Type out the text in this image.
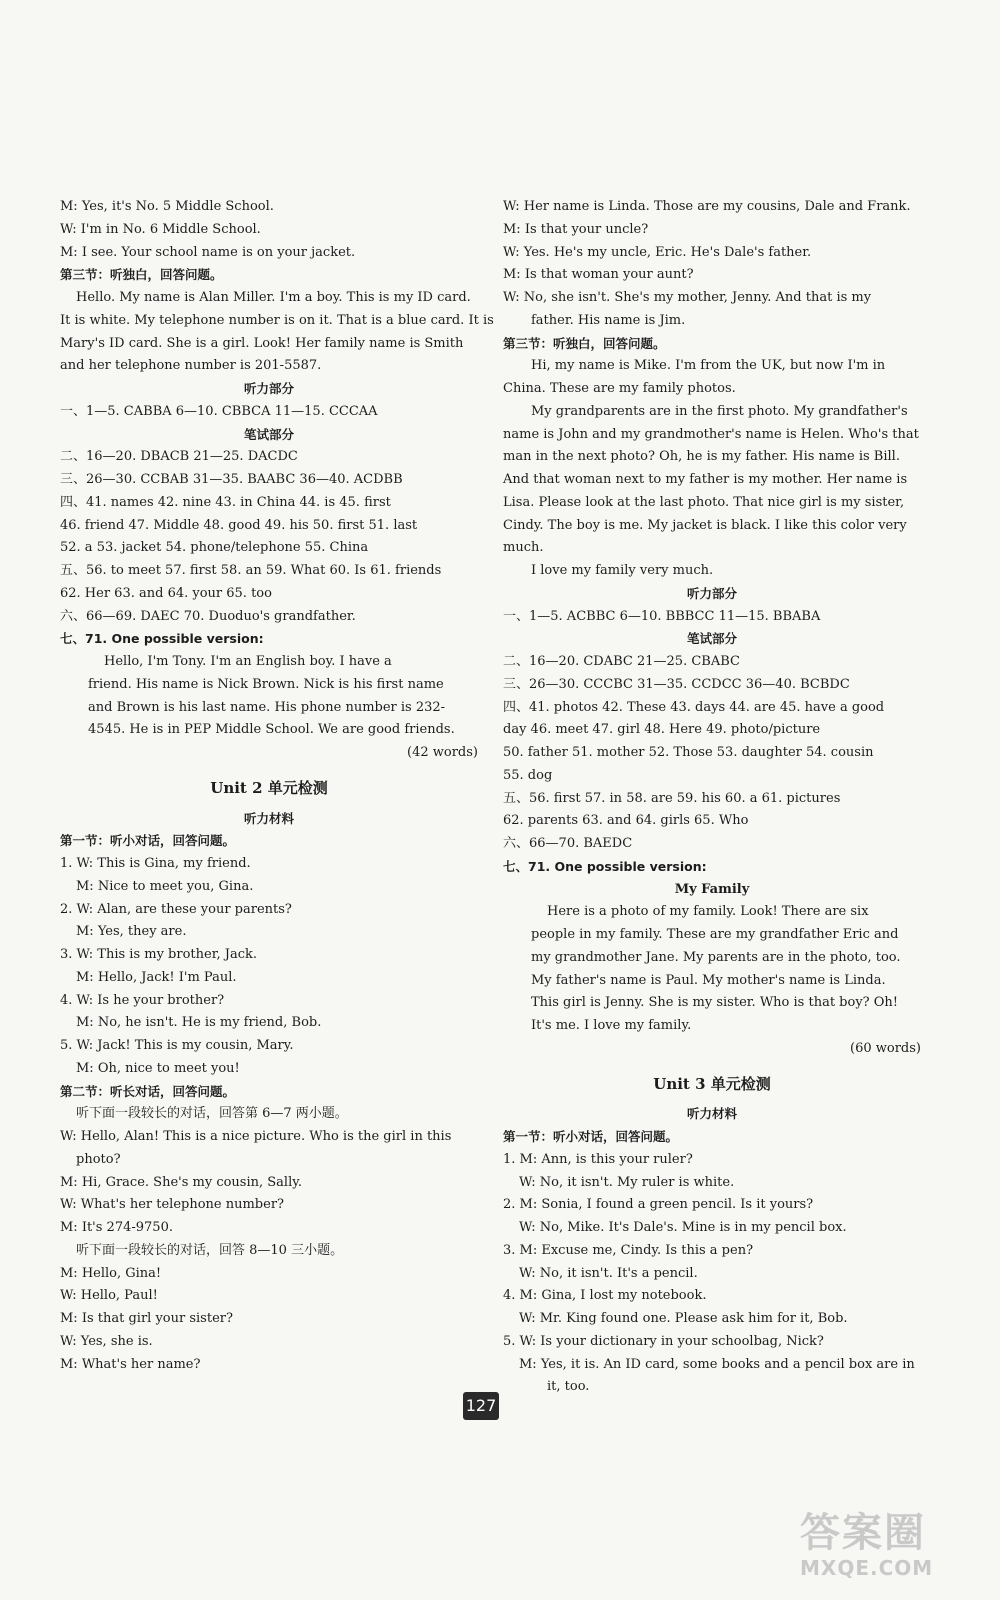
M: Yes, it's No. 5 Middle School.
W: I'm in No. 6 Middle School.
M: I see. Your school name is on your jacket.
第三节：听独白，回答问题。
Hello. My name is Alan Miller. I'm a boy. This is my ID card.
It is white. My telephone number is on it. That is a blue card. It is
Mary's ID card. She is a girl. Look! Her family name is Smith
and her telephone number is 201-5587.
听力部分
一、1—5. CABBA 6—10. CBBCA 11—15. CCCAA
笔试部分
二、16—20. DBACB 21—25. DACDC
三、26—30. CCBAB 31—35. BAABC 36—40. ACDBB
四、41. names 42. nine 43. in China 44. is 45. first
46. friend 47. Middle 48. good 49. his 50. first 51. last
52. a 53. jacket 54. phone/telephone 55. China
五、56. to meet 57. first 58. an 59. What 60. Is 61. friends
62. Her 63. and 64. your 65. too
六、66—69. DAEC 70. Duoduo's grandfather.
七、71. One possible version:
Hello, I'm Tony. I'm an English boy. I have a
friend. His name is Nick Brown. Nick is his first name
and Brown is his last name. His phone number is 232-
4545. He is in PEP Middle School. We are good friends.
(42 words)
Unit 2 单元检测
听力材料
第一节：听小对话，回答问题。
1. W: This is Gina, my friend.
M: Nice to meet you, Gina.
2. W: Alan, are these your parents?
M: Yes, they are.
3. W: This is my brother, Jack.
M: Hello, Jack! I'm Paul.
4. W: Is he your brother?
M: No, he isn't. He is my friend, Bob.
5. W: Jack! This is my cousin, Mary.
M: Oh, nice to meet you!
第二节：听长对话，回答问题。
听下面一段较长的对话，回答第 6—7 两小题。
W: Hello, Alan! This is a nice picture. Who is the girl in this
photo?
M: Hi, Grace. She's my cousin, Sally.
W: What's her telephone number?
M: It's 274-9750.
听下面一段较长的对话，回答 8—10 三小题。
M: Hello, Gina!
W: Hello, Paul!
M: Is that girl your sister?
W: Yes, she is.
M: What's her name?
W: Her name is Linda. Those are my cousins, Dale and Frank.
M: Is that your uncle?
W: Yes. He's my uncle, Eric. He's Dale's father.
M: Is that woman your aunt?
W: No, she isn't. She's my mother, Jenny. And that is my
father. His name is Jim.
第三节：听独白，回答问题。
Hi, my name is Mike. I'm from the UK, but now I'm in
China. These are my family photos.
My grandparents are in the first photo. My grandfather's
name is John and my grandmother's name is Helen. Who's that
man in the next photo? Oh, he is my father. His name is Bill.
And that woman next to my father is my mother. Her name is
Lisa. Please look at the last photo. That nice girl is my sister,
Cindy. The boy is me. My jacket is black. I like this color very
much.
I love my family very much.
听力部分
一、1—5. ACBBC 6—10. BBBCC 11—15. BBABA
笔试部分
二、16—20. CDABC 21—25. CBABC
三、26—30. CCCBC 31—35. CCDCC 36—40. BCBDC
四、41. photos 42. These 43. days 44. are 45. have a good
day 46. meet 47. girl 48. Here 49. photo/picture
50. father 51. mother 52. Those 53. daughter 54. cousin
55. dog
五、56. first 57. in 58. are 59. his 60. a 61. pictures
62. parents 63. and 64. girls 65. Who
六、66—70. BAEDC
七、71. One possible version:
My Family
Here is a photo of my family. Look! There are six
people in my family. These are my grandfather Eric and
my grandmother Jane. My parents are in the photo, too.
My father's name is Paul. My mother's name is Linda.
This girl is Jenny. She is my sister. Who is that boy? Oh!
It's me. I love my family.
(60 words)
Unit 3 单元检测
听力材料
第一节：听小对话，回答问题。
1. M: Ann, is this your ruler?
W: No, it isn't. My ruler is white.
2. M: Sonia, I found a green pencil. Is it yours?
W: No, Mike. It's Dale's. Mine is in my pencil box.
3. M: Excuse me, Cindy. Is this a pen?
W: No, it isn't. It's a pencil.
4. M: Gina, I lost my notebook.
W: Mr. King found one. Please ask him for it, Bob.
5. W: Is your dictionary in your schoolbag, Nick?
M: Yes, it is. An ID card, some books and a pencil box are in
it, too.
127
答案圈
MXQE.COM
